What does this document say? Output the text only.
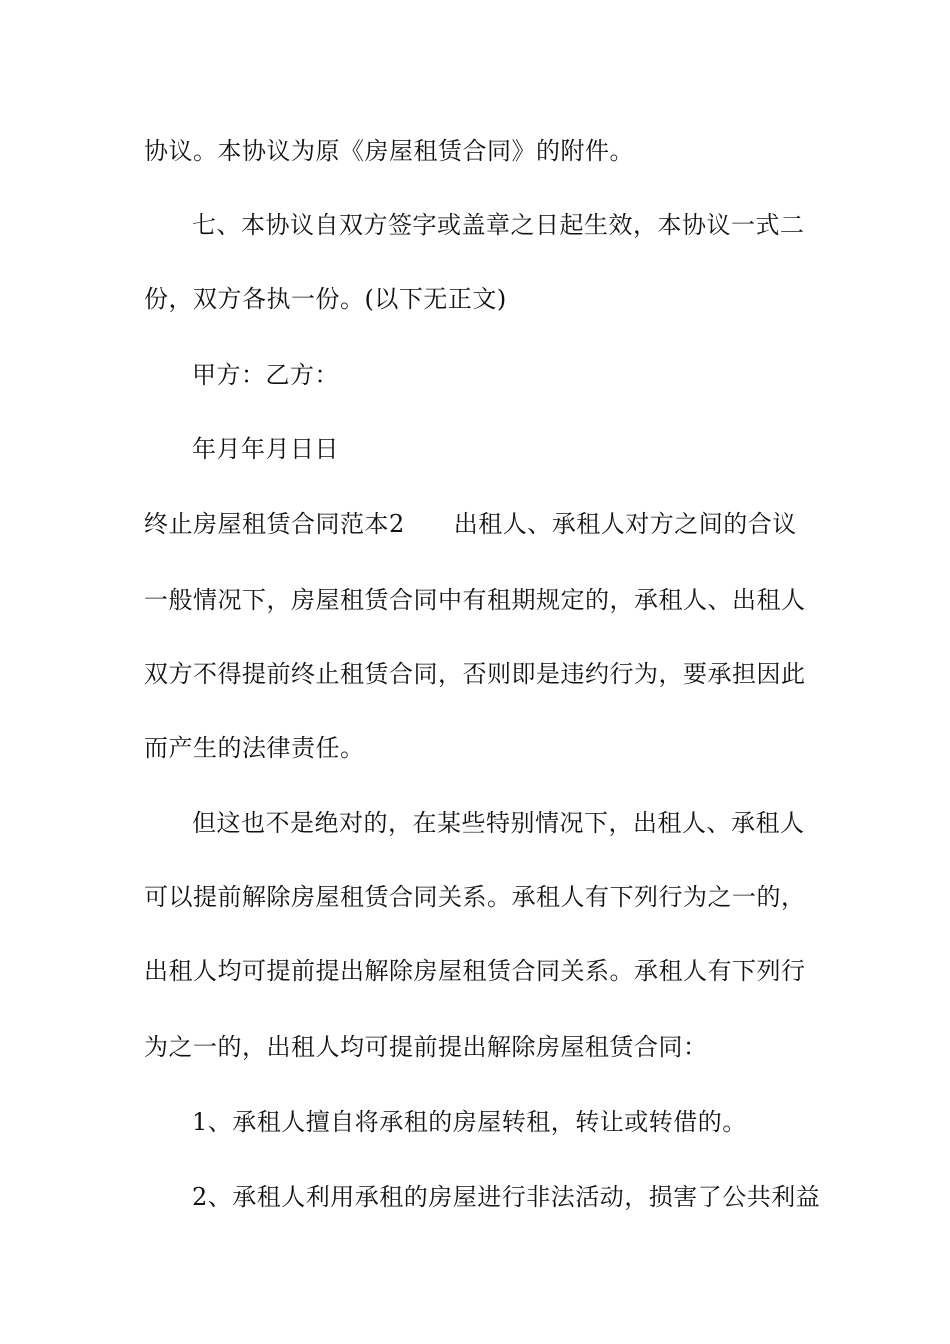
协议。本协议为原《房屋租赁合同》的附件。
七、本协议自双方签字或盖章之日起生效，本协议一式二
份，双方各执一份。(以下无正文)
甲方：乙方：
年月年月日日
终止房屋租赁合同范本2　　出租人、承租人对方之间的合议
一般情况下，房屋租赁合同中有租期规定的，承租人、出租人
双方不得提前终止租赁合同，否则即是违约行为，要承担因此
而产生的法律责任。
但这也不是绝对的，在某些特别情况下，出租人、承租人
可以提前解除房屋租赁合同关系。承租人有下列行为之一的，
出租人均可提前提出解除房屋租赁合同关系。承租人有下列行
为之一的，出租人均可提前提出解除房屋租赁合同：
1、承租人擅自将承租的房屋转租，转让或转借的。
2、承租人利用承租的房屋进行非法活动，损害了公共利益
